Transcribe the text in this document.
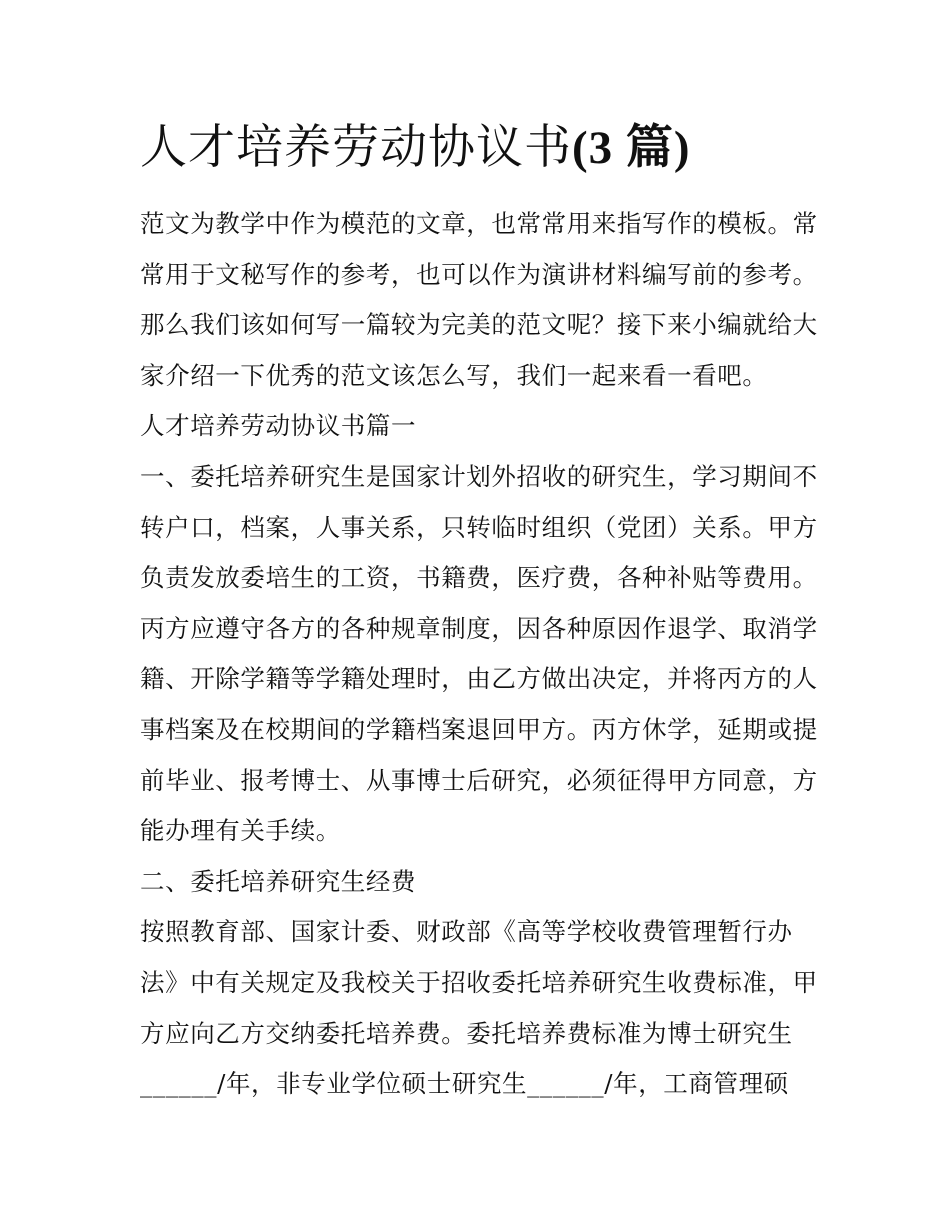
人才培养劳动协议书(3 篇)
范文为教学中作为模范的文章，也常常用来指写作的模板。常
常用于文秘写作的参考，也可以作为演讲材料编写前的参考。
那么我们该如何写一篇较为完美的范文呢？接下来小编就给大
家介绍一下优秀的范文该怎么写，我们一起来看一看吧。
人才培养劳动协议书篇一
一、委托培养研究生是国家计划外招收的研究生，学习期间不
转户口，档案，人事关系，只转临时组织（党团）关系。甲方
负责发放委培生的工资，书籍费，医疗费，各种补贴等费用。
丙方应遵守各方的各种规章制度，因各种原因作退学、取消学
籍、开除学籍等学籍处理时，由乙方做出决定，并将丙方的人
事档案及在校期间的学籍档案退回甲方。丙方休学，延期或提
前毕业、报考博士、从事博士后研究，必须征得甲方同意，方
能办理有关手续。
二、委托培养研究生经费
按照教育部、国家计委、财政部《高等学校收费管理暂行办
法》中有关规定及我校关于招收委托培养研究生收费标准，甲
方应向乙方交纳委托培养费。委托培养费标准为博士研究生
______/年，非专业学位硕士研究生______/年，工商管理硕
